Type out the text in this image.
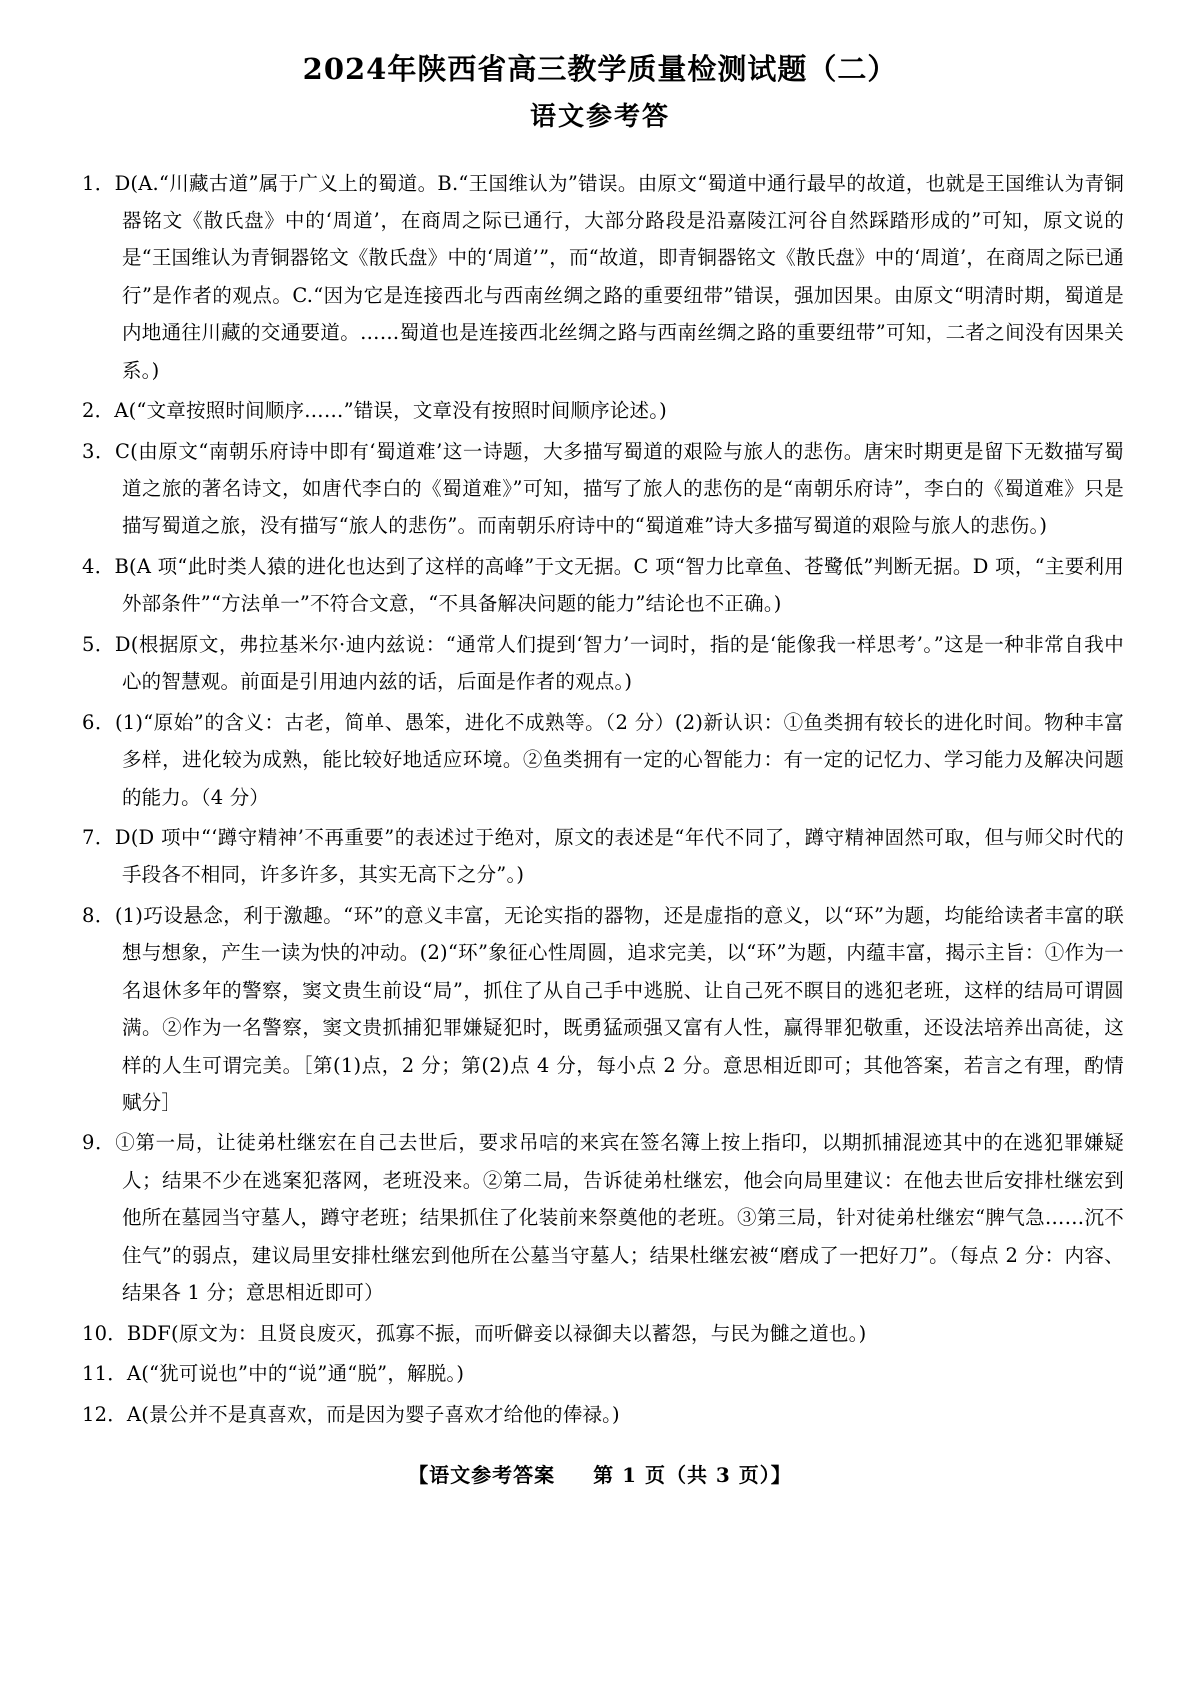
2024年陕西省高三教学质量检测试题（二）
语文参考答
1．D(A.“川藏古道”属于广义上的蜀道。B.“王国维认为”错误。由原文“蜀道中通行最早的故道，也就是王国维认为青铜器铭文《散氏盘》中的‘周道’，在商周之际已通行，大部分路段是沿嘉陵江河谷自然踩踏形成的”可知，原文说的是“王国维认为青铜器铭文《散氏盘》中的‘周道’”，而“故道，即青铜器铭文《散氏盘》中的‘周道’，在商周之际已通行”是作者的观点。C.“因为它是连接西北与西南丝绸之路的重要纽带”错误，强加因果。由原文“明清时期，蜀道是内地通往川藏的交通要道。……蜀道也是连接西北丝绸之路与西南丝绸之路的重要纽带”可知，二者之间没有因果关系。)
2．A(“文章按照时间顺序……”错误，文章没有按照时间顺序论述。)
3．C(由原文“南朝乐府诗中即有‘蜀道难’这一诗题，大多描写蜀道的艰险与旅人的悲伤。唐宋时期更是留下无数描写蜀道之旅的著名诗文，如唐代李白的《蜀道难》”可知，描写了旅人的悲伤的是“南朝乐府诗”，李白的《蜀道难》只是描写蜀道之旅，没有描写“旅人的悲伤”。而南朝乐府诗中的“蜀道难”诗大多描写蜀道的艰险与旅人的悲伤。)
4．B(A 项“此时类人猿的进化也达到了这样的高峰”于文无据。C 项“智力比章鱼、苍鹭低”判断无据。D 项，“主要利用外部条件”“方法单一”不符合文意，“不具备解决问题的能力”结论也不正确。)
5．D(根据原文，弗拉基米尔·迪内兹说：“通常人们提到‘智力’一词时，指的是‘能像我一样思考’。”这是一种非常自我中心的智慧观。前面是引用迪内兹的话，后面是作者的观点。)
6．(1)“原始”的含义：古老，简单、愚笨，进化不成熟等。（2 分）(2)新认识：①鱼类拥有较长的进化时间。物种丰富多样，进化较为成熟，能比较好地适应环境。②鱼类拥有一定的心智能力：有一定的记忆力、学习能力及解决问题的能力。（4 分）
7．D(D 项中“‘蹲守精神’不再重要”的表述过于绝对，原文的表述是“年代不同了，蹲守精神固然可取，但与师父时代的手段各不相同，许多许多，其实无高下之分”。)
8．(1)巧设悬念，利于激趣。“环”的意义丰富，无论实指的器物，还是虚指的意义，以“环”为题，均能给读者丰富的联想与想象，产生一读为快的冲动。(2)“环”象征心性周圆，追求完美，以“环”为题，内蕴丰富，揭示主旨：①作为一名退休多年的警察，窦文贵生前设“局”，抓住了从自己手中逃脱、让自己死不瞑目的逃犯老班，这样的结局可谓圆满。②作为一名警察，窦文贵抓捕犯罪嫌疑犯时，既勇猛顽强又富有人性，赢得罪犯敬重，还设法培养出高徒，这样的人生可谓完美。［第(1)点，2 分；第(2)点 4 分，每小点 2 分。意思相近即可；其他答案，若言之有理，酌情赋分］
9．①第一局，让徒弟杜继宏在自己去世后，要求吊唁的来宾在签名簿上按上指印，以期抓捕混迹其中的在逃犯罪嫌疑人；结果不少在逃案犯落网，老班没来。②第二局，告诉徒弟杜继宏，他会向局里建议：在他去世后安排杜继宏到他所在墓园当守墓人，蹲守老班；结果抓住了化装前来祭奠他的老班。③第三局，针对徒弟杜继宏“脾气急……沉不住气”的弱点，建议局里安排杜继宏到他所在公墓当守墓人；结果杜继宏被“磨成了一把好刀”。（每点 2 分：内容、结果各 1 分；意思相近即可）
10．BDF(原文为：且贤良废灭，孤寡不振，而听僻妾以禄御夫以蓄怨，与民为雠之道也。)
11．A(“犹可说也”中的“说”通“脱”，解脱。)
12．A(景公并不是真喜欢，而是因为婴子喜欢才给他的俸禄。)
【语文参考答案 第 1 页（共 3 页）】
